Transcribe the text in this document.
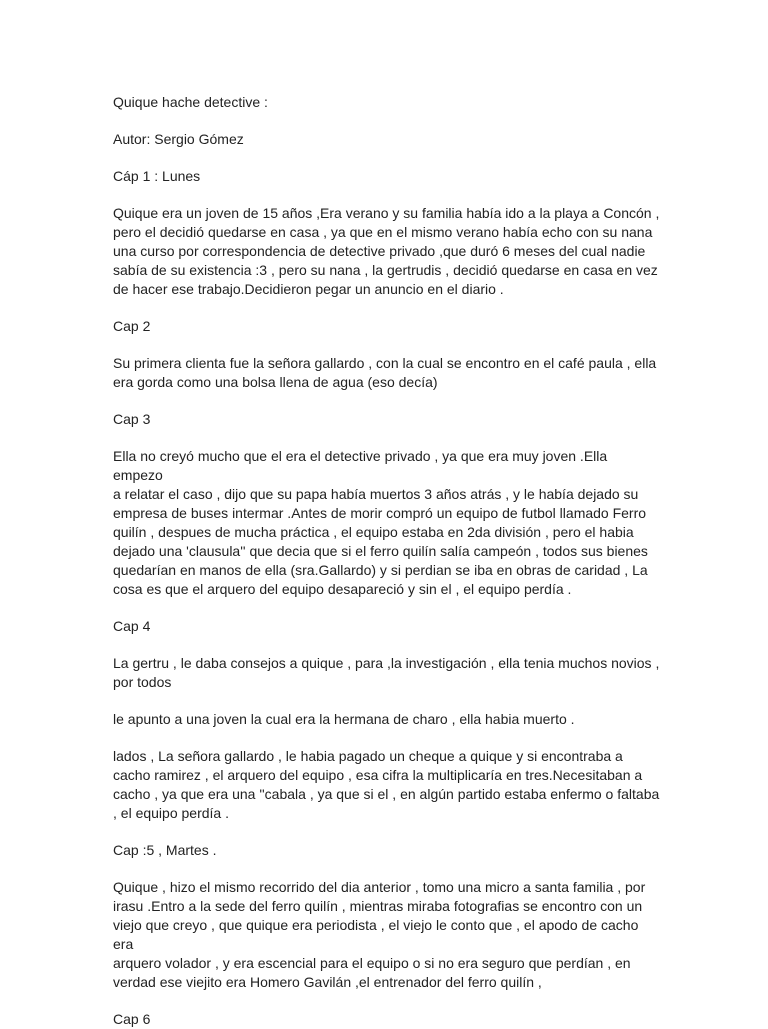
Quique hache detective :

Autor: Sergio Gómez

Cáp 1 : Lunes

Quique era un joven de 15 años ,Era verano y su familia había ido a la playa a Concón ,
pero el decidió quedarse en casa , ya que en el mismo verano había echo con su nana
una curso por correspondencia de detective privado ,que duró 6 meses del cual nadie
sabía de su existencia :3 , pero su nana , la gertrudis , decidió quedarse en casa en vez
de hacer ese trabajo.Decidieron pegar un anuncio en el diario .

Cap 2

Su primera clienta fue la señora gallardo , con la cual se encontro en el café paula , ella
era gorda como una bolsa llena de agua (eso decía)

Cap 3

Ella no creyó mucho que el era el detective privado , ya que era muy joven .Ella empezo
a relatar el caso , dijo que su papa había muertos 3 años atrás , y le había dejado su
empresa de buses intermar .Antes de morir compró un equipo de futbol llamado Ferro
quilín , despues de mucha práctica , el equipo estaba en 2da división , pero el habia
dejado una 'clausula'' que decia que si el ferro quilín salía campeón , todos sus bienes
quedarían en manos de ella (sra.Gallardo) y si perdian se iba en obras de caridad , La
cosa es que el arquero del equipo desapareció y sin el , el equipo perdía .

Cap 4

La gertru , le daba consejos a quique , para ,la investigación , ella tenia muchos novios ,
por todos

le apunto a una joven la cual era la hermana de charo , ella habia muerto .

lados , La señora gallardo , le habia pagado un cheque a quique y si encontraba a
cacho ramirez , el arquero del equipo , esa cifra la multiplicaría en tres.Necesitaban a
cacho , ya que era una ''cabala , ya que si el , en algún partido estaba enfermo o faltaba
, el equipo perdía .

Cap :5 , Martes .

Quique , hizo el mismo recorrido del dia anterior , tomo una micro a santa familia , por
irasu .Entro a la sede del ferro quilín , mientras miraba fotografias se encontro con un
viejo que creyo , que quique era periodista , el viejo le conto que , el apodo de cacho era
arquero volador , y era escencial para el equipo o si no era seguro que perdían , en
verdad ese viejito era Homero Gavilán ,el entrenador del ferro quilín ,

Cap 6
